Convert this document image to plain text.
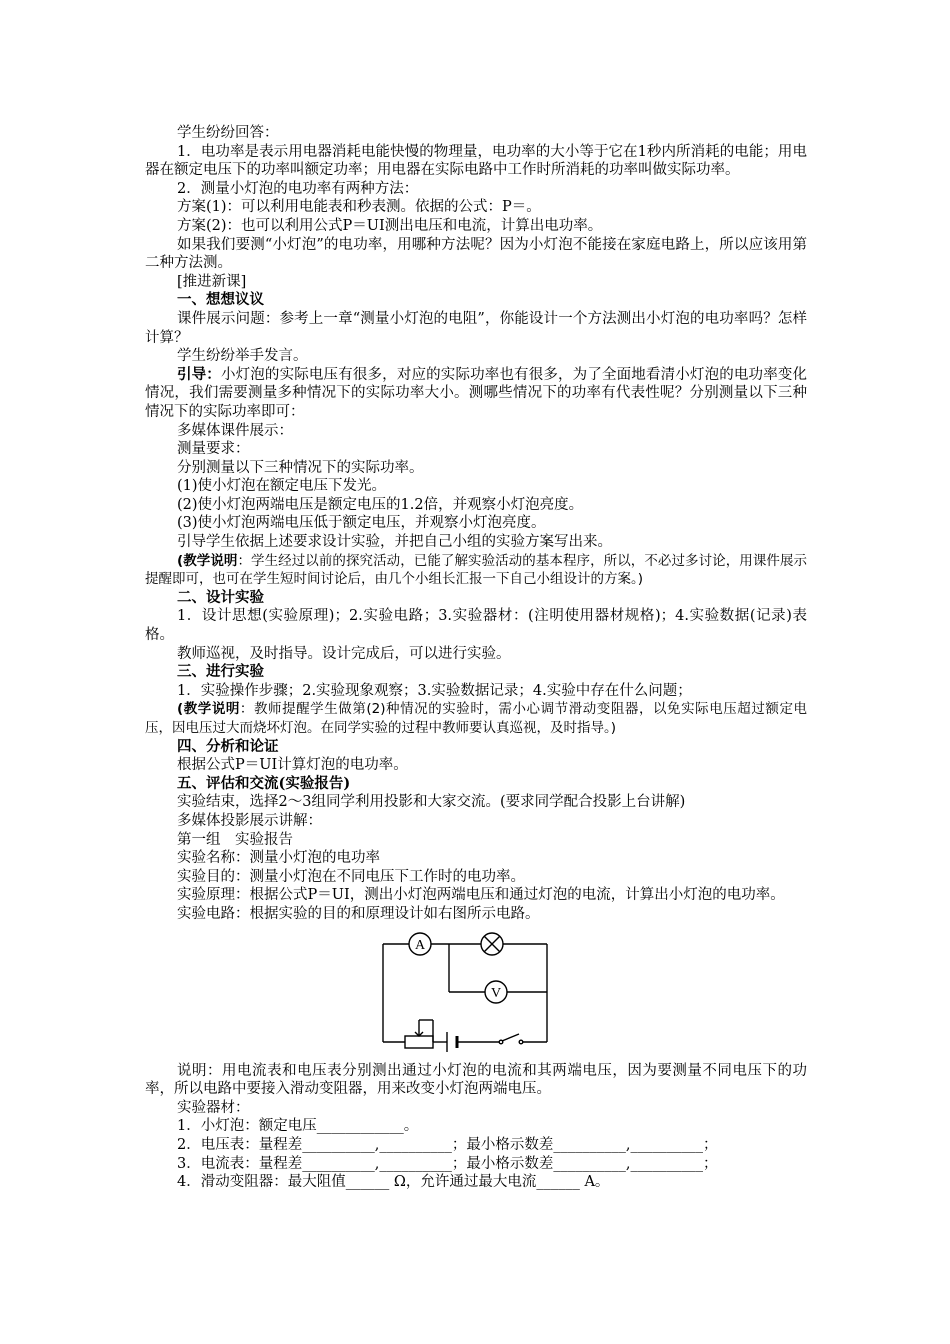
学生纷纷回答：

1．电功率是表示用电器消耗电能快慢的物理量，电功率的大小等于它在1秒内所消耗的电能；用电器在额定电压下的功率叫额定功率；用电器在实际电路中工作时所消耗的功率叫做实际功率。

2．测量小灯泡的电功率有两种方法：

方案(1)：可以利用电能表和秒表测。依据的公式：P＝。

方案(2)：也可以利用公式P＝UI测出电压和电流，计算出电功率。

如果我们要测“小灯泡”的电功率，用哪种方法呢？因为小灯泡不能接在家庭电路上，所以应该用第二种方法测。

[推进新课]

一、想想议议

课件展示问题：参考上一章“测量小灯泡的电阻”，你能设计一个方法测出小灯泡的电功率吗？怎样计算？

学生纷纷举手发言。

引导：小灯泡的实际电压有很多，对应的实际功率也有很多，为了全面地看清小灯泡的电功率变化情况，我们需要测量多种情况下的实际功率大小。测哪些情况下的功率有代表性呢？分别测量以下三种情况下的实际功率即可：

多媒体课件展示：

测量要求：

分别测量以下三种情况下的实际功率。

(1)使小灯泡在额定电压下发光。

(2)使小灯泡两端电压是额定电压的1.2倍，并观察小灯泡亮度。

(3)使小灯泡两端电压低于额定电压，并观察小灯泡亮度。

引导学生依据上述要求设计实验，并把自己小组的实验方案写出来。

(教学说明：学生经过以前的探究活动，已能了解实验活动的基本程序，所以，不必过多讨论，用课件展示提醒即可，也可在学生短时间讨论后，由几个小组长汇报一下自己小组设计的方案。)

二、设计实验

1．设计思想(实验原理)；2.实验电路；3.实验器材：(注明使用器材规格)；4.实验数据(记录)表格。

教师巡视，及时指导。设计完成后，可以进行实验。

三、进行实验

1．实验操作步骤；2.实验现象观察；3.实验数据记录；4.实验中存在什么问题；

(教学说明：教师提醒学生做第(2)种情况的实验时，需小心调节滑动变阻器，以免实际电压超过额定电压，因电压过大而烧坏灯泡。在同学实验的过程中教师要认真巡视，及时指导。)

四、分析和论证

根据公式P＝UI计算灯泡的电功率。

五、评估和交流(实验报告)

实验结束，选择2～3组同学利用投影和大家交流。(要求同学配合投影上台讲解)

多媒体投影展示讲解：

第一组　实验报告

实验名称：测量小灯泡的电功率

实验目的：测量小灯泡在不同电压下工作时的电功率。

实验原理：根据公式P＝UI，测出小灯泡两端电压和通过灯泡的电流，计算出小灯泡的电功率。

实验电路：根据实验的目的和原理设计如右图所示电路。

A
V

说明：用电流表和电压表分别测出通过小灯泡的电流和其两端电压，因为要测量不同电压下的功率，所以电路中要接入滑动变阻器，用来改变小灯泡两端电压。

实验器材：

1．小灯泡：额定电压____________。

2．电压表：量程差__________,__________；最小格示数差__________,__________；

3．电流表：量程差__________,__________；最小格示数差__________,__________；

4．滑动变阻器：最大阻值______ Ω，允许通过最大电流______ A。
